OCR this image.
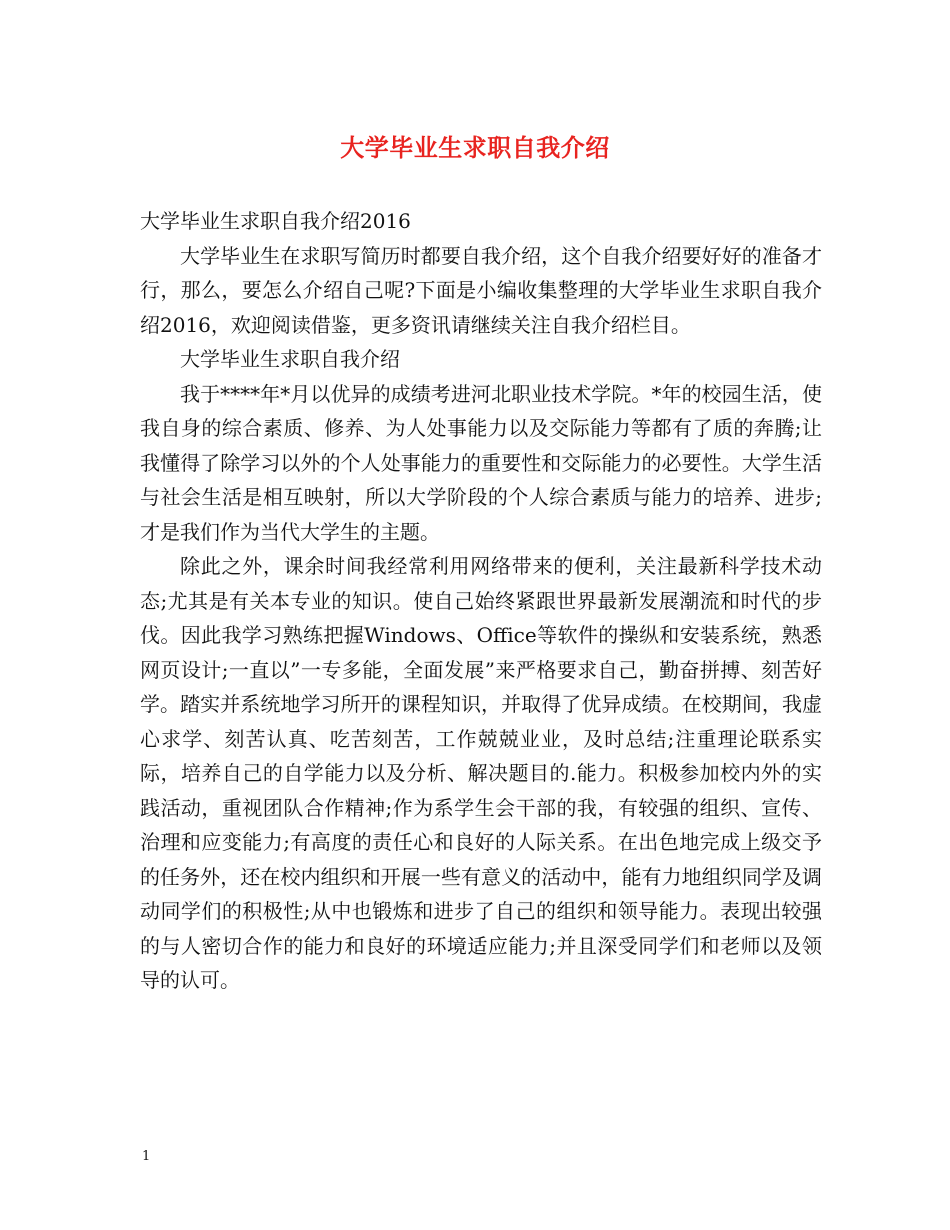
大学毕业生求职自我介绍

大学毕业生求职自我介绍2016

大学毕业生在求职写简历时都要自我介绍，这个自我介绍要好好的准备才行，那么，要怎么介绍自己呢?下面是小编收集整理的大学毕业生求职自我介绍2016，欢迎阅读借鉴，更多资讯请继续关注自我介绍栏目。

大学毕业生求职自我介绍

我于****年*月以优异的成绩考进河北职业技术学院。*年的校园生活，使我自身的综合素质、修养、为人处事能力以及交际能力等都有了质的奔腾;让我懂得了除学习以外的个人处事能力的重要性和交际能力的必要性。大学生活与社会生活是相互映射，所以大学阶段的个人综合素质与能力的培养、进步;才是我们作为当代大学生的主题。

除此之外，课余时间我经常利用网络带来的便利，关注最新科学技术动态;尤其是有关本专业的知识。使自己始终紧跟世界最新发展潮流和时代的步伐。因此我学习熟练把握Windows、Office等软件的操纵和安装系统，熟悉网页设计;一直以”一专多能，全面发展”来严格要求自己，勤奋拼搏、刻苦好学。踏实并系统地学习所开的课程知识，并取得了优异成绩。在校期间，我虚心求学、刻苦认真、吃苦刻苦，工作兢兢业业，及时总结;注重理论联系实际，培养自己的自学能力以及分析、解决题目的.能力。积极参加校内外的实践活动，重视团队合作精神;作为系学生会干部的我，有较强的组织、宣传、治理和应变能力;有高度的责任心和良好的人际关系。在出色地完成上级交予的任务外，还在校内组织和开展一些有意义的活动中，能有力地组织同学及调动同学们的积极性;从中也锻炼和进步了自己的组织和领导能力。表现出较强的与人密切合作的能力和良好的环境适应能力;并且深受同学们和老师以及领导的认可。

1
